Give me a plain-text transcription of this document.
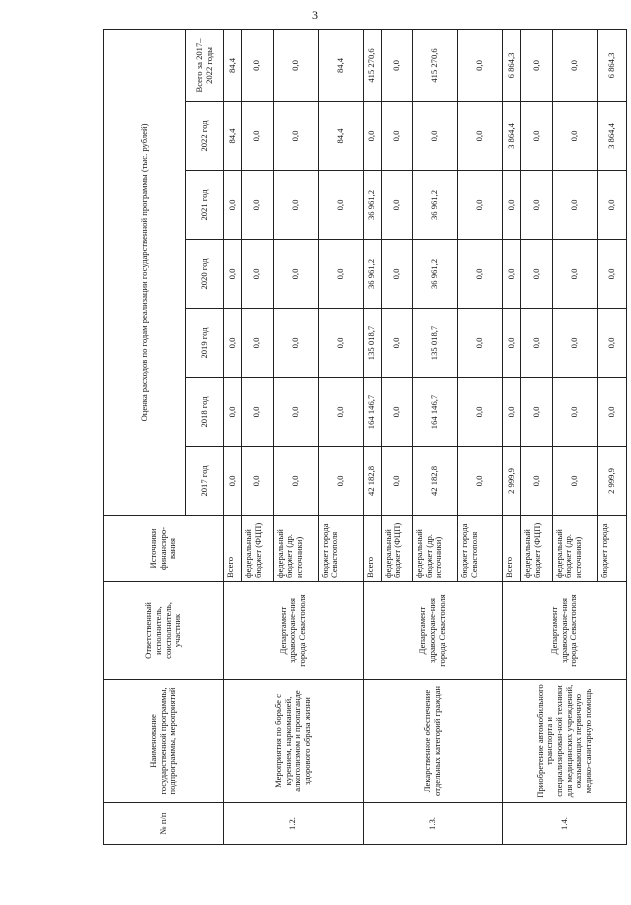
3
№ п/п	Наименование государственной программы, подпрограммы, мероприятий	Ответственный исполнитель, соисполнитель, участник	Источники финансиро-вания	Оценка расходов по годам реализации государственной программы (тыс. рублей)						
				2017 год	2018 год	2019 год	2020 год	2021 год	2022 год	Всего за 2017–2022 годы
1.2.	Мероприятия по борьбе с курением, наркоманией, алкоголизмом и пропаганде здорового образа жизни	Департамент здравоохране-ния города Севастополя	Всего	0,0	0,0	0,0	0,0	0,0	84,4	84,4
			федеральный бюджет (ФЦП)	0,0	0,0	0,0	0,0	0,0	0,0	0,0
			федеральный бюджет (др. источники)	0,0	0,0	0,0	0,0	0,0	0,0	0,0
			бюджет города Севастополя	0,0	0,0	0,0	0,0	0,0	84,4	84,4
1.3.	Лекарственное обеспечение отдельных категорий граждан	Департамент здравоохране-ния города Севастополя	Всего	42 182,8	164 146,7	135 018,7	36 961,2	36 961,2	0,0	415 270,6
			федеральный бюджет (ФЦП)	0,0	0,0	0,0	0,0	0,0	0,0	0,0
			федеральный бюджет (др. источники)	42 182,8	164 146,7	135 018,7	36 961,2	36 961,2	0,0	415 270,6
			бюджет города Севастополя	0,0	0,0	0,0	0,0	0,0	0,0	0,0
1.4.	Приобретение автомобильного транспорта и специализирован-ной техники для медицинских учреждений, оказывающих первичную медико-санитарную помощь	Департамент здравоохране-ния города Севастополя	Всего	2 999,9	0,0	0,0	0,0	0,0	3 864,4	6 864,3
			федеральный бюджет (ФЦП)	0,0	0,0	0,0	0,0	0,0	0,0	0,0
			федеральный бюджет (др. источники)	0,0	0,0	0,0	0,0	0,0	0,0	0,0
			бюджет города	2 999,9	0,0	0,0	0,0	0,0	3 864,4	6 864,3
